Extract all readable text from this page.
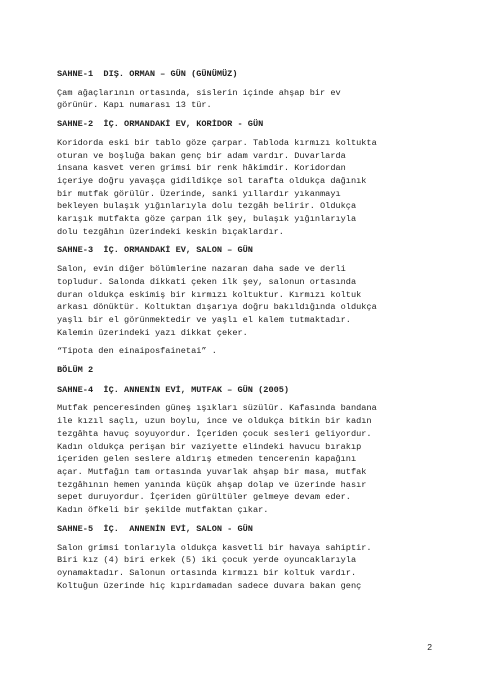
SAHNE-1  DIŞ. ORMAN – GÜN (GÜNÜMÜZ)
Çam ağaçlarının ortasında, sislerin içinde ahşap bir ev
görünür. Kapı numarası 13 tür.
SAHNE-2  İÇ. ORMANDAKİ EV, KORİDOR - GÜN
Koridorda eski bir tablo göze çarpar. Tabloda kırmızı koltukta
oturan ve boşluğa bakan genç bir adam vardır. Duvarlarda
insana kasvet veren grimsi bir renk hâkimdir. Koridordan
içeriye doğru yavaşça gidildikçe sol tarafta oldukça dağınık
bir mutfak görülür. Üzerinde, sanki yıllardır yıkanmayı
bekleyen bulaşık yığınlarıyla dolu tezgâh belirir. Oldukça
karışık mutfakta göze çarpan ilk şey, bulaşık yığınlarıyla
dolu tezgâhın üzerindeki keskin bıçaklardır.
SAHNE-3  İÇ. ORMANDAKİ EV, SALON – GÜN
Salon, evin diğer bölümlerine nazaran daha sade ve derli
topludur. Salonda dikkati çeken ilk şey, salonun ortasında
duran oldukça eskimiş bir kırmızı koltuktur. Kırmızı koltuk
arkası dönüktür. Koltuktan dışarıya doğru bakıldığında oldukça
yaşlı bir el görünmektedir ve yaşlı el kalem tutmaktadır.
Kalemin üzerindeki yazı dikkat çeker.
“Tipota den einaiposfainetai” .
BÖLÜM 2
SAHNE-4  İÇ. ANNENİN EVİ, MUTFAK – GÜN (2005)
Mutfak penceresinden güneş ışıkları süzülür. Kafasında bandana
ile kızıl saçlı, uzun boylu, ince ve oldukça bitkin bir kadın
tezgâhta havuç soyuyordur. İçeriden çocuk sesleri geliyordur.
Kadın oldukça perişan bir vaziyette elindeki havucu bırakıp
içeriden gelen seslere aldırış etmeden tencerenin kapağını
açar. Mutfağın tam ortasında yuvarlak ahşap bir masa, mutfak
tezgâhının hemen yanında küçük ahşap dolap ve üzerinde hasır
sepet duruyordur. İçeriden gürültüler gelmeye devam eder.
Kadın öfkeli bir şekilde mutfaktan çıkar.
SAHNE-5  İÇ.  ANNENİN EVİ, SALON - GÜN
Salon grimsi tonlarıyla oldukça kasvetli bir havaya sahiptir.
Biri kız (4) biri erkek (5) iki çocuk yerde oyuncaklarıyla
oynamaktadır. Salonun ortasında kırmızı bir koltuk vardır.
Koltuğun üzerinde hiç kıpırdamadan sadece duvara bakan genç
2
